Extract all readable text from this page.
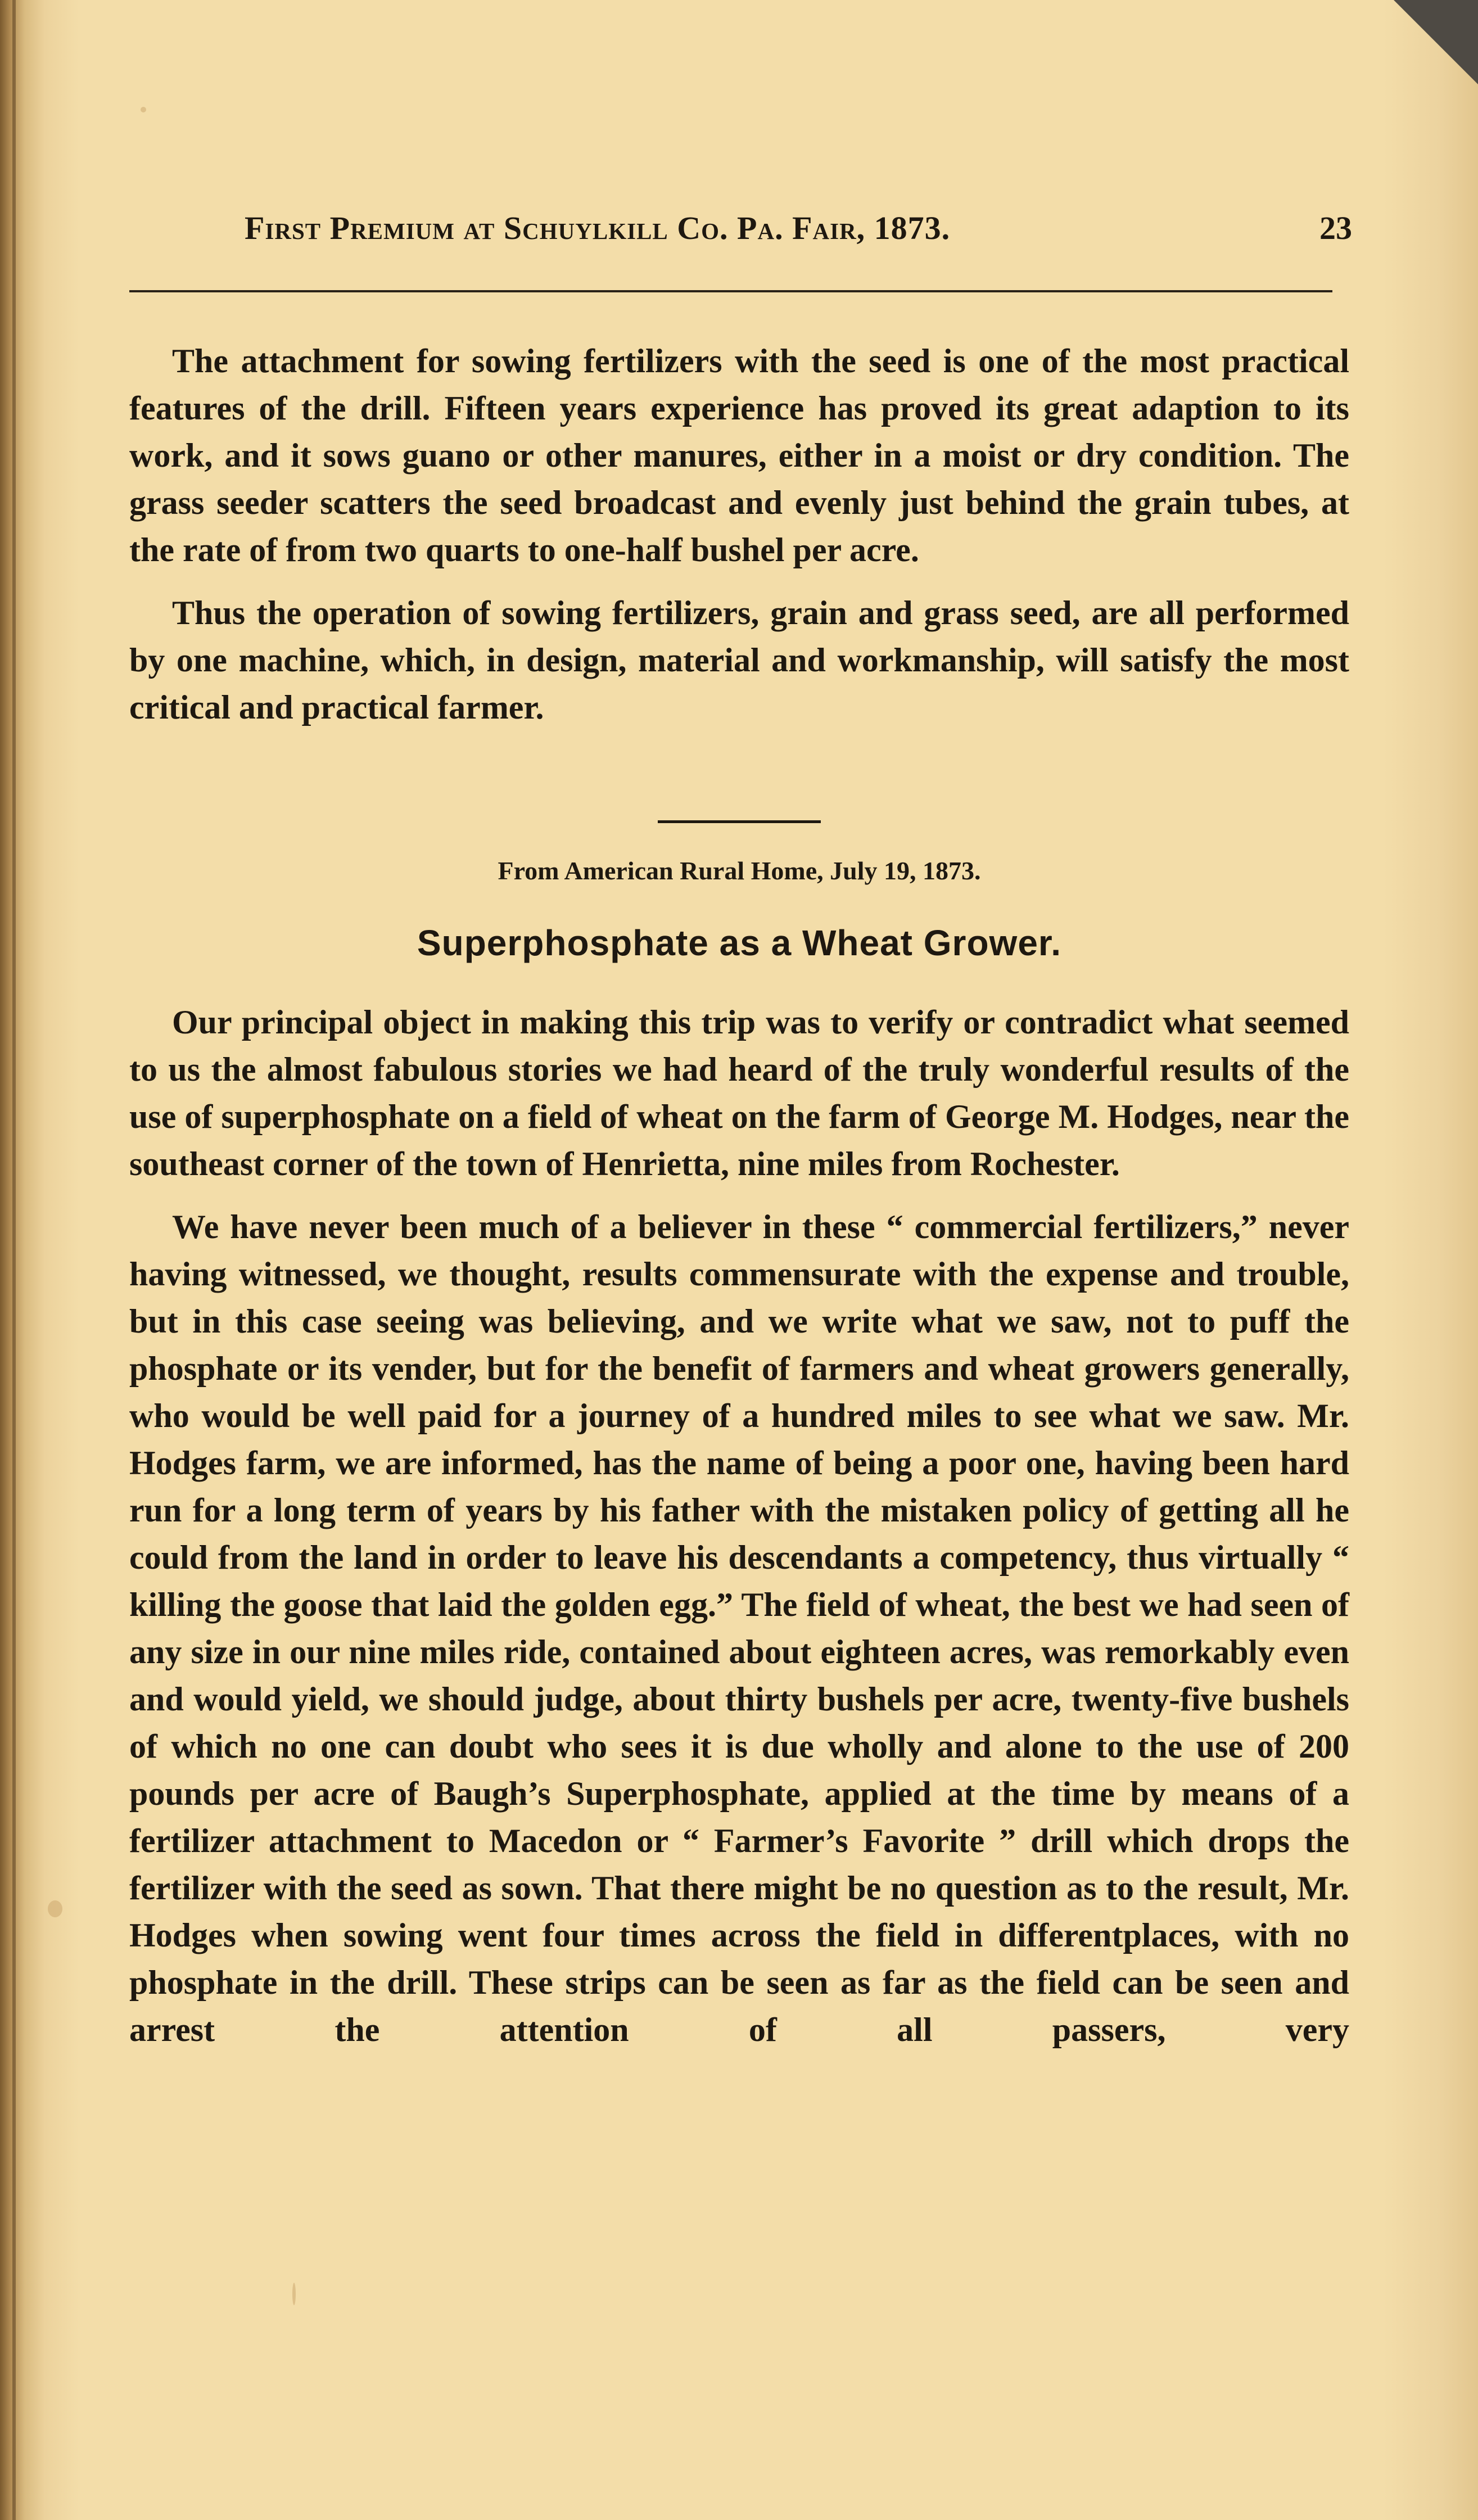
First Premium at Schuylkill Co. Pa. Fair, 1873.	23

The attachment for sowing fertilizers with the seed is one of the most practical features of the drill. Fifteen years experience has proved its great adaption to its work, and it sows guano or other manures, either in a moist or dry condition. The grass seeder scatters the seed broadcast and evenly just behind the grain tubes, at the rate of from two quarts to one-half bushel per acre.

Thus the operation of sowing fertilizers, grain and grass seed, are all performed by one machine, which, in design, material and workmanship, will satisfy the most critical and practical farmer.

From American Rural Home, July 19, 1873.
Superphosphate as a Wheat Grower.

Our principal object in making this trip was to verify or contradict what seemed to us the almost fabulous stories we had heard of the truly wonderful results of the use of superphosphate on a field of wheat on the farm of George M. Hodges, near the southeast corner of the town of Henrietta, nine miles from Rochester.

We have never been much of a believer in these “ commercial fertilizers,” never having witnessed, we thought, results commensurate with the expense and trouble, but in this case seeing was believing, and we write what we saw, not to puff the phosphate or its vender, but for the benefit of farmers and wheat growers generally, who would be well paid for a journey of a hundred miles to see what we saw. Mr. Hodges farm, we are informed, has the name of being a poor one, having been hard run for a long term of years by his father with the mistaken policy of getting all he could from the land in order to leave his descendants a competency, thus virtually “ killing the goose that laid the golden egg.” The field of wheat, the best we had seen of any size in our nine miles ride, contained about eighteen acres, was remorkably even and would yield, we should judge, about thirty bushels per acre, twenty-five bushels of which no one can doubt who sees it is due wholly and alone to the use of 200 pounds per acre of Baugh’s Superphosphate, applied at the time by means of a fertilizer attachment to Macedon or “ Farmer’s Favorite ” drill which drops the fertilizer with the seed as sown. That there might be no question as to the result, Mr. Hodges when sowing went four times across the field in differentplaces, with no phosphate in the drill. These strips can be seen as far as the field can be seen and arrest the attention of all passers, very
